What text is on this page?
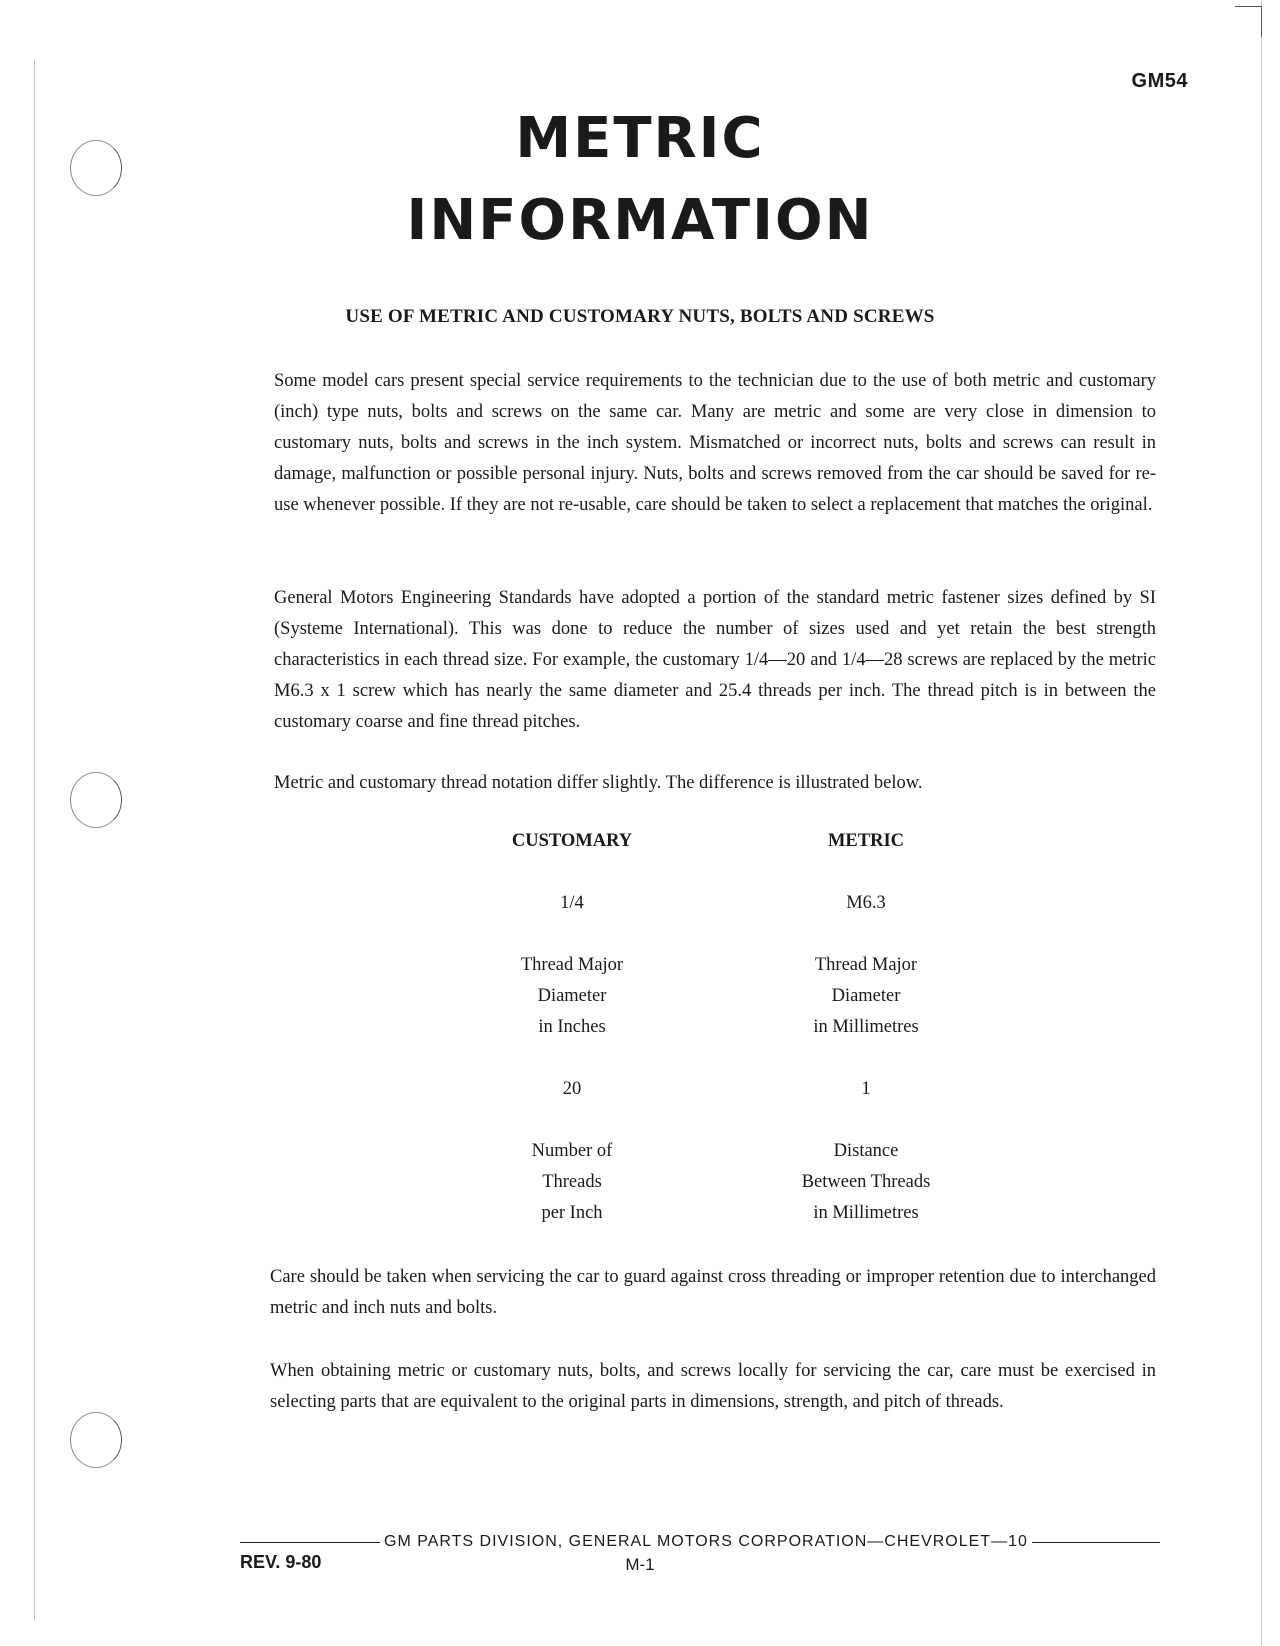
GM54
METRIC
INFORMATION
USE OF METRIC AND CUSTOMARY NUTS, BOLTS AND SCREWS

Some model cars present special service requirements to the technician due to the use of both metric and customary (inch) type nuts, bolts and screws on the same car. Many are metric and some are very close in dimension to customary nuts, bolts and screws in the inch system. Mismatched or incorrect nuts, bolts and screws can result in damage, malfunction or possible personal injury. Nuts, bolts and screws removed from the car should be saved for re-use whenever possible. If they are not re-usable, care should be taken to select a replacement that matches the original.

General Motors Engineering Standards have adopted a portion of the standard metric fastener sizes defined by SI (Systeme International). This was done to reduce the number of sizes used and yet retain the best strength characteristics in each thread size. For example, the customary 1/4—20 and 1/4—28 screws are replaced by the metric M6.3 x 1 screw which has nearly the same diameter and 25.4 threads per inch. The thread pitch is in between the customary coarse and fine thread pitches.

Metric and customary thread notation differ slightly. The difference is illustrated below.

CUSTOMARY
1/4
Thread Major
Diameter
in Inches
20
Number of
Threads
per Inch
METRIC
M6.3
Thread Major
Diameter
in Millimetres
1
Distance
Between Threads
in Millimetres

Care should be taken when servicing the car to guard against cross threading or improper retention due to interchanged metric and inch nuts and bolts.

When obtaining metric or customary nuts, bolts, and screws locally for servicing the car, care must be exercised in selecting parts that are equivalent to the original parts in dimensions, strength, and pitch of threads.

GM PARTS DIVISION, GENERAL MOTORS CORPORATION—CHEVROLET—10
REV. 9-80	M-1
